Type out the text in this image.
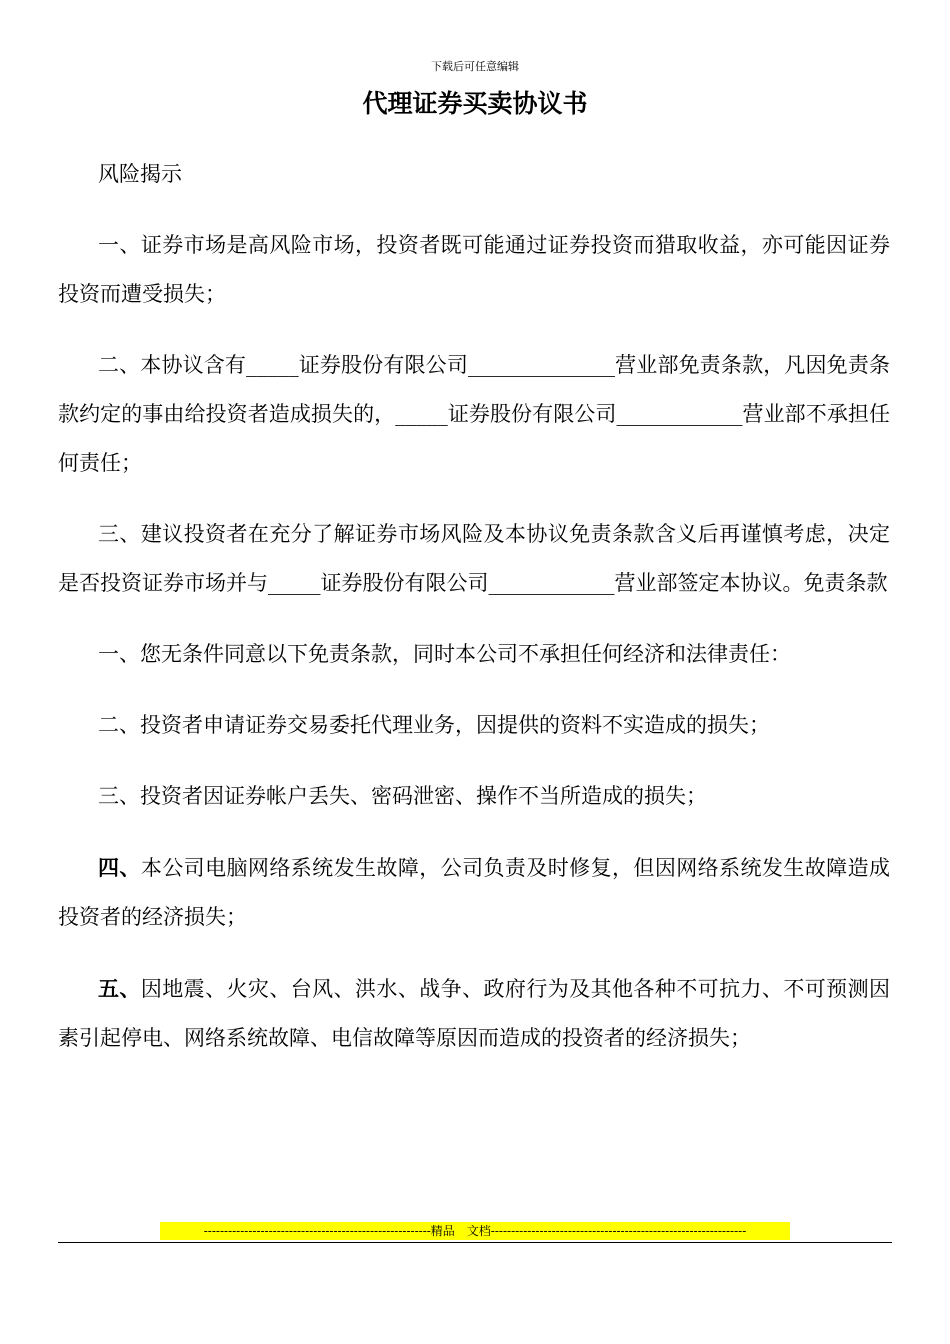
下载后可任意编辑
代理证券买卖协议书

风险揭示

一、证券市场是高风险市场，投资者既可能通过证券投资而猎取收益，亦可能因证券投资而遭受损失；

二、本协议含有_____证券股份有限公司______________营业部免责条款，凡因免责条款约定的事由给投资者造成损失的，_____证券股份有限公司____________营业部不承担任何责任；

三、建议投资者在充分了解证券市场风险及本协议免责条款含义后再谨慎考虑，决定是否投资证券市场并与_____证券股份有限公司____________营业部签定本协议。免责条款

一、您无条件同意以下免责条款，同时本公司不承担任何经济和法律责任：

二、投资者申请证券交易委托代理业务，因提供的资料不实造成的损失；

三、投资者因证券帐户丢失、密码泄密、操作不当所造成的损失；

四、本公司电脑网络系统发生故障，公司负责及时修复，但因网络系统发生故障造成投资者的经济损失；

五、因地震、火灾、台风、洪水、战争、政府行为及其他各种不可抗力、不可预测因素引起停电、网络系统故障、电信故障等原因而造成的投资者的经济损失；

--------------------------------------------------------精品　文档---------------------------------------------------------------
